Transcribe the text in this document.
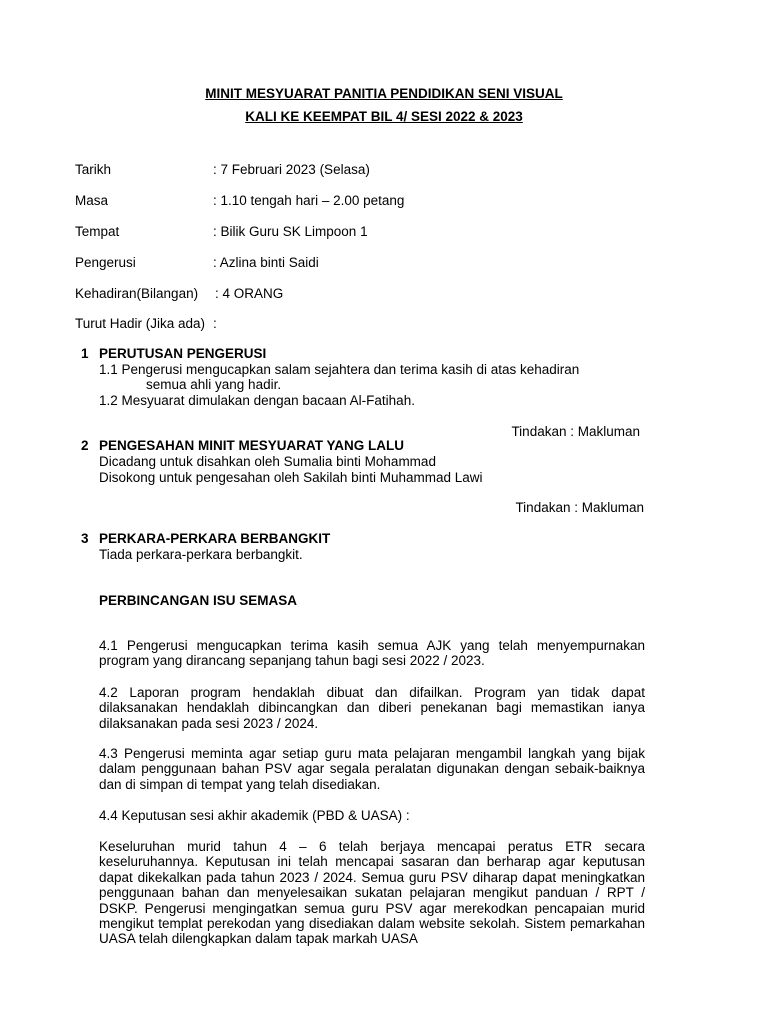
MINIT MESYUARAT PANITIA PENDIDIKAN SENI VISUAL
KALI KE KEEMPAT BIL 4/ SESI 2022 & 2023
Tarikh	: 7 Februari 2023 (Selasa)
Masa	: 1.10 tengah hari – 2.00 petang
Tempat	: Bilik Guru SK Limpoon 1
Pengerusi	: Azlina binti Saidi
Kehadiran(Bilangan) : 4 ORANG
Turut Hadir (Jika ada) :
1 PERUTUSAN PENGERUSI
1.1 Pengerusi mengucapkan salam sejahtera dan terima kasih di atas kehadiran
semua ahli yang hadir.
1.2 Mesyuarat dimulakan dengan bacaan Al-Fatihah.
Tindakan : Makluman
2 PENGESAHAN MINIT MESYUARAT YANG LALU
Dicadang untuk disahkan oleh Sumalia binti Mohammad
Disokong untuk pengesahan oleh Sakilah binti Muhammad Lawi
Tindakan : Makluman
3 PERKARA-PERKARA BERBANGKIT
Tiada perkara-perkara berbangkit.
PERBINCANGAN ISU SEMASA
4.1 Pengerusi mengucapkan terima kasih semua AJK yang telah menyempurnakan program yang dirancang sepanjang tahun bagi sesi 2022 / 2023.
4.2 Laporan program hendaklah dibuat dan difailkan. Program yan tidak dapat dilaksanakan hendaklah dibincangkan dan diberi penekanan bagi memastikan ianya dilaksanakan pada sesi 2023 / 2024.
4.3 Pengerusi meminta agar setiap guru mata pelajaran mengambil langkah yang bijak dalam penggunaan bahan PSV agar segala peralatan digunakan dengan sebaik-baiknya dan di simpan di tempat yang telah disediakan.
4.4 Keputusan sesi akhir akademik (PBD & UASA) :
Keseluruhan murid tahun 4 – 6 telah berjaya mencapai peratus ETR secara keseluruhannya. Keputusan ini telah mencapai sasaran dan berharap agar keputusan dapat dikekalkan pada tahun 2023 / 2024. Semua guru PSV diharap dapat meningkatkan penggunaan bahan dan menyelesaikan sukatan pelajaran mengikut panduan / RPT / DSKP. Pengerusi mengingatkan semua guru PSV agar merekodkan pencapaian murid mengikut templat perekodan yang disediakan dalam website sekolah. Sistem pemarkahan UASA telah dilengkapkan dalam tapak markah UASA
